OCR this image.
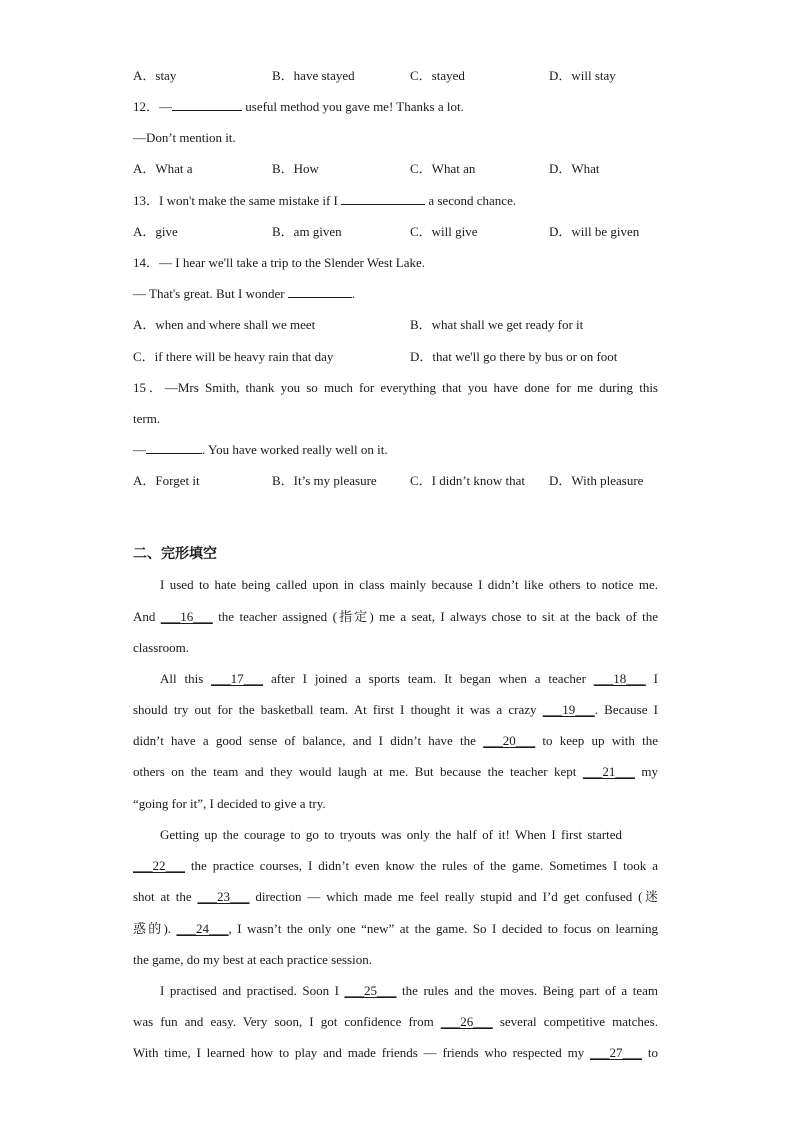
A．stay	B．have stayed	C．stayed	D．will stay
12．—	useful method you gave me! Thanks a lot.
—Don’t mention it.
A．What a	B．How	C．What an	D．What
13．I won't make the same mistake if I	a second chance.
A．give	B．am given	C．will give	D．will be given
14．— I hear we'll take a trip to the Slender West Lake.
— That's great. But I wonder	.
A．when and where shall we meet	B．what shall we get ready for it
C．if there will be heavy rain that day	D．that we'll go there by bus or on foot
15．—Mrs Smith, thank you so much for everything that you have done for me during this
term.
—	. You have worked really well on it.
A．Forget it	B．It’s my pleasure	C．I didn’t know that D．With pleasure
二、完形填空
I used to hate being called upon in class mainly because I didn’t like others to notice me.
And ___16___ the teacher assigned (指定) me a seat, I always chose to sit at the back of the
classroom.
All this ___17___ after I joined a sports team. It began when a teacher ___18___ I
should try out for the basketball team. At first I thought it was a crazy ___19___. Because I
didn’t have a good sense of balance, and I didn’t have the ___20___ to keep up with the
others on the team and they would laugh at me. But because the teacher kept ___21___ my
“going for it”, I decided to give a try.
Getting up the courage to go to tryouts was only the half of it! When I first started
___22___ the practice courses, I didn’t even know the rules of the game. Sometimes I took a
shot at the ___23___ direction — which made me feel really stupid and I’d get confused (迷
惑的). ___24___, I wasn’t the only one “new” at the game. So I decided to focus on learning
the game, do my best at each practice session.
I practised and practised. Soon I ___25___ the rules and the moves. Being part of a team
was fun and easy. Very soon, I got confidence from ___26___ several competitive matches.
With time, I learned how to play and made friends — friends who respected my ___27___ to
